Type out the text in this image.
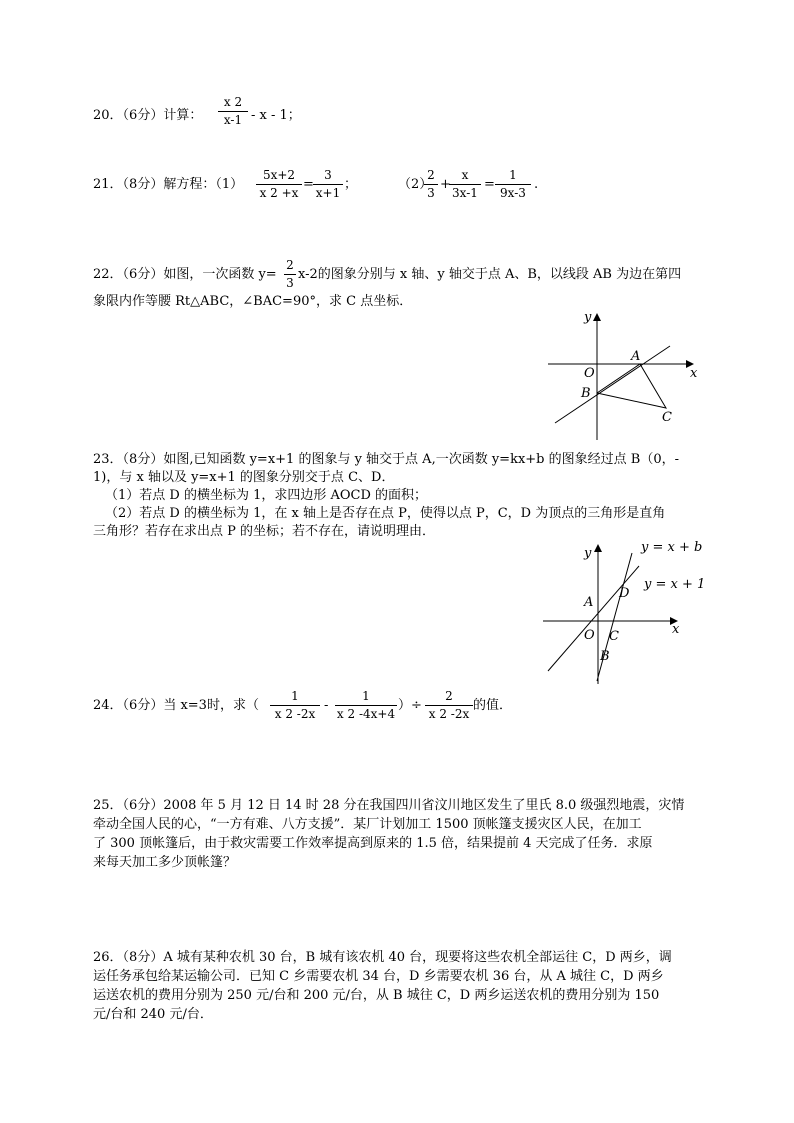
20．（6分）计算：
x 2
x-1 - x - 1；
21．（8分）解方程：（1）
5x+2
x 2 +x
=
3
x+1
；	（2）
2
3
+
x
3x-1
=
1
9x-3
.
22．（6分）如图，一次函数 y=
2
3
x-2的图象分别与 x 轴、y 轴交于点 A、B，以线段 AB 为边在第四
象限内作等腰 Rt△ABC，∠BAC=90°，求 C 点坐标．
y
x
O
A
B
C
23．（8分）如图,已知函数 y=x+1 的图象与 y 轴交于点 A,一次函数 y=kx+b 的图象经过点 B（0，-
1)，与 x 轴以及 y=x+1 的图象分别交于点 C、D．
（1）若点 D 的横坐标为 1，求四边形 AOCD 的面积；
（2）若点 D 的横坐标为 1，在 x 轴上是否存在点 P，使得以点 P，C，D 为顶点的三角形是直角
三角形？若存在求出点 P 的坐标；若不存在，请说明理由．
y
x
O
A
B
C
D
y = x + b
y = x + 1
24．（6分）当 x=3时，求（
1
x 2 -2x
-
1
x 2 -4x+4
）÷
2
x 2 -2x
的值．
25．（6分）2008 年 5 月 12 日 14 时 28 分在我国四川省汶川地区发生了里氏 8.0 级强烈地震，灾情
牵动全国人民的心，“一方有难、八方支援”．某厂计划加工 1500 顶帐篷支援灾区人民，在加工
了 300 顶帐篷后，由于救灾需要工作效率提高到原来的 1.5 倍，结果提前 4 天完成了任务．求原
来每天加工多少顶帐篷？
26．（8分）A 城有某种农机 30 台，B 城有该农机 40 台，现要将这些农机全部运往 C，D 两乡，调
运任务承包给某运输公司．已知 C 乡需要农机 34 台，D 乡需要农机 36 台，从 A 城往 C，D 两乡
运送农机的费用分别为 250 元/台和 200 元/台，从 B 城往 C，D 两乡运送农机的费用分别为 150
元/台和 240 元/台．
